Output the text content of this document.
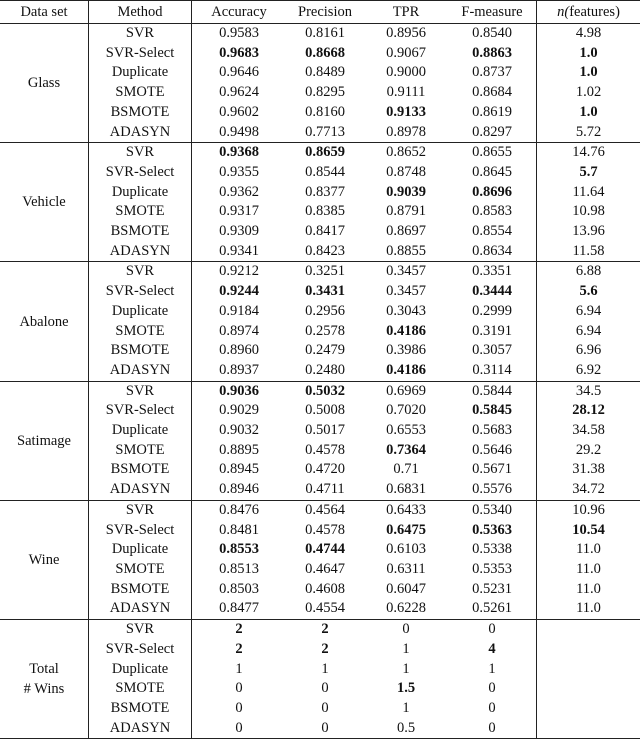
Data set	Method	Accuracy	Precision	TPR	F-measure	n(features)
Glass	SVR	0.9583	0.8161	0.8956	0.8540	4.98
	SVR-Select	0.9683	0.8668	0.9067	0.8863	1.0
	Duplicate	0.9646	0.8489	0.9000	0.8737	1.0
	SMOTE	0.9624	0.8295	0.9111	0.8684	1.02
	BSMOTE	0.9602	0.8160	0.9133	0.8619	1.0
	ADASYN	0.9498	0.7713	0.8978	0.8297	5.72
Vehicle	SVR	0.9368	0.8659	0.8652	0.8655	14.76
	SVR-Select	0.9355	0.8544	0.8748	0.8645	5.7
	Duplicate	0.9362	0.8377	0.9039	0.8696	11.64
	SMOTE	0.9317	0.8385	0.8791	0.8583	10.98
	BSMOTE	0.9309	0.8417	0.8697	0.8554	13.96
	ADASYN	0.9341	0.8423	0.8855	0.8634	11.58
Abalone	SVR	0.9212	0.3251	0.3457	0.3351	6.88
	SVR-Select	0.9244	0.3431	0.3457	0.3444	5.6
	Duplicate	0.9184	0.2956	0.3043	0.2999	6.94
	SMOTE	0.8974	0.2578	0.4186	0.3191	6.94
	BSMOTE	0.8960	0.2479	0.3986	0.3057	6.96
	ADASYN	0.8937	0.2480	0.4186	0.3114	6.92
Satimage	SVR	0.9036	0.5032	0.6969	0.5844	34.5
	SVR-Select	0.9029	0.5008	0.7020	0.5845	28.12
	Duplicate	0.9032	0.5017	0.6553	0.5683	34.58
	SMOTE	0.8895	0.4578	0.7364	0.5646	29.2
	BSMOTE	0.8945	0.4720	0.71	0.5671	31.38
	ADASYN	0.8946	0.4711	0.6831	0.5576	34.72
Wine	SVR	0.8476	0.4564	0.6433	0.5340	10.96
	SVR-Select	0.8481	0.4578	0.6475	0.5363	10.54
	Duplicate	0.8553	0.4744	0.6103	0.5338	11.0
	SMOTE	0.8513	0.4647	0.6311	0.5353	11.0
	BSMOTE	0.8503	0.4608	0.6047	0.5231	11.0
	ADASYN	0.8477	0.4554	0.6228	0.5261	11.0
Total
# Wins	SVR	2	2	0	0	
	SVR-Select	2	2	1	4	
	Duplicate	1	1	1	1	
	SMOTE	0	0	1.5	0	
	BSMOTE	0	0	1	0	
	ADASYN	0	0	0.5	0	
